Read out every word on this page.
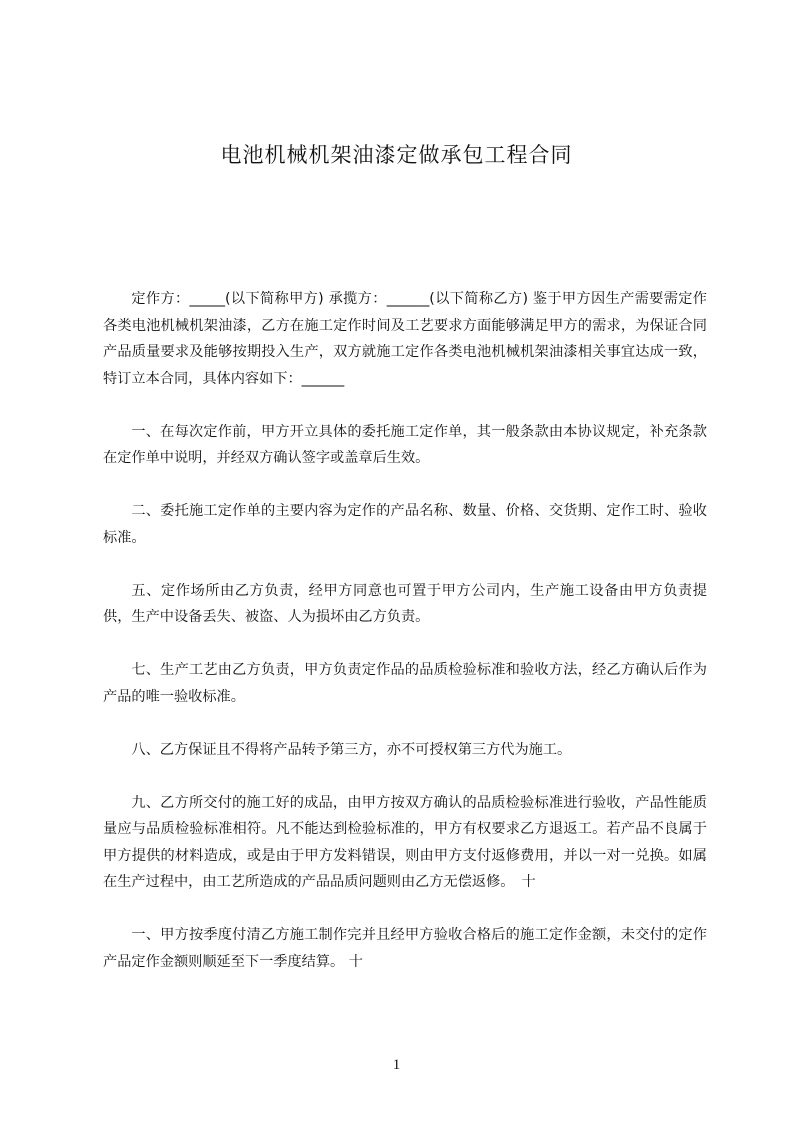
电池机械机架油漆定做承包工程合同

定作方：_____(以下简称甲方) 承揽方：______(以下简称乙方) 鉴于甲方因生产需要需定作各类电池机械机架油漆，乙方在施工定作时间及工艺要求方面能够满足甲方的需求，为保证合同产品质量要求及能够按期投入生产，双方就施工定作各类电池机械机架油漆相关事宜达成一致，特订立本合同，具体内容如下：______

一、在每次定作前，甲方开立具体的委托施工定作单，其一般条款由本协议规定，补充条款在定作单中说明，并经双方确认签字或盖章后生效。

二、委托施工定作单的主要内容为定作的产品名称、数量、价格、交货期、定作工时、验收标准。

五、定作场所由乙方负责，经甲方同意也可置于甲方公司内，生产施工设备由甲方负责提供，生产中设备丢失、被盗、人为损坏由乙方负责。

七、生产工艺由乙方负责，甲方负责定作品的品质检验标准和验收方法，经乙方确认后作为产品的唯一验收标准。

八、乙方保证且不得将产品转予第三方，亦不可授权第三方代为施工。

九、乙方所交付的施工好的成品，由甲方按双方确认的品质检验标准进行验收，产品性能质量应与品质检验标准相符。凡不能达到检验标准的，甲方有权要求乙方退返工。若产品不良属于甲方提供的材料造成，或是由于甲方发料错误，则由甲方支付返修费用，并以一对一兑换。如属在生产过程中，由工艺所造成的产品品质问题则由乙方无偿返修。　十

一、甲方按季度付清乙方施工制作完并且经甲方验收合格后的施工定作金额，未交付的定作产品定作金额则顺延至下一季度结算。 十

1
